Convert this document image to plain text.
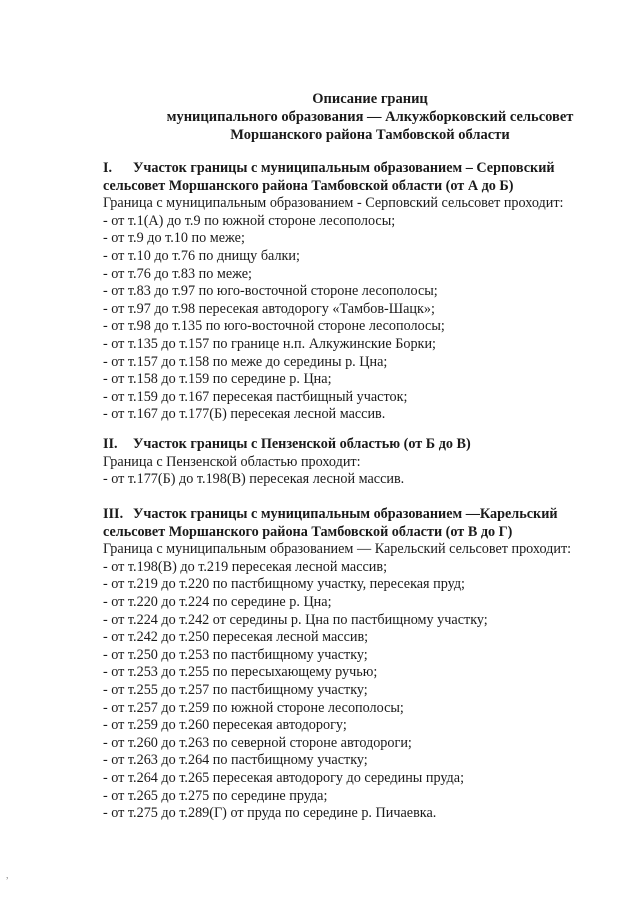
Описание границ
муниципального образования — Алкужборковский сельсовет
Моршанского района Тамбовской области
I. Участок границы с муниципальным образованием – Серповский
сельсовет Моршанского района Тамбовской области (от А до Б)
Граница с муниципальным образованием - Серповский сельсовет проходит:
- от т.1(А) до т.9 по южной стороне лесополосы;
- от т.9 до т.10 по меже;
- от т.10 до т.76 по днищу балки;
- от т.76 до т.83 по меже;
- от т.83 до т.97 по юго-восточной стороне лесополосы;
- от т.97 до т.98 пересекая автодорогу «Тамбов-Шацк»;
- от т.98 до т.135 по юго-восточной стороне лесополосы;
- от т.135 до т.157 по границе н.п. Алкужинские Борки;
- от т.157 до т.158 по меже до середины р. Цна;
- от т.158 до т.159 по середине р. Цна;
- от т.159 до т.167 пересекая пастбищный участок;
- от т.167 до т.177(Б) пересекая лесной массив.
II. Участок границы с Пензенской областью (от Б до В)
Граница с Пензенской областью проходит:
- от т.177(Б) до т.198(В) пересекая лесной массив.
III. Участок границы с муниципальным образованием —Карельский
сельсовет Моршанского района Тамбовской области (от В до Г)
Граница с муниципальным образованием — Карельский сельсовет проходит:
- от т.198(В) до т.219 пересекая лесной массив;
- от т.219 до т.220 по пастбищному участку, пересекая пруд;
- от т.220 до т.224 по середине р. Цна;
- от т.224 до т.242 от середины р. Цна по пастбищному участку;
- от т.242 до т.250 пересекая лесной массив;
- от т.250 до т.253 по пастбищному участку;
- от т.253 до т.255 по пересыхающему ручью;
- от т.255 до т.257 по пастбищному участку;
- от т.257 до т.259 по южной стороне лесополосы;
- от т.259 до т.260 пересекая автодорогу;
- от т.260 до т.263 по северной стороне автодороги;
- от т.263 до т.264 по пастбищному участку;
- от т.264 до т.265 пересекая автодорогу до середины пруда;
- от т.265 до т.275 по середине пруда;
- от т.275 до т.289(Г) от пруда по середине р. Пичаевка.
,
